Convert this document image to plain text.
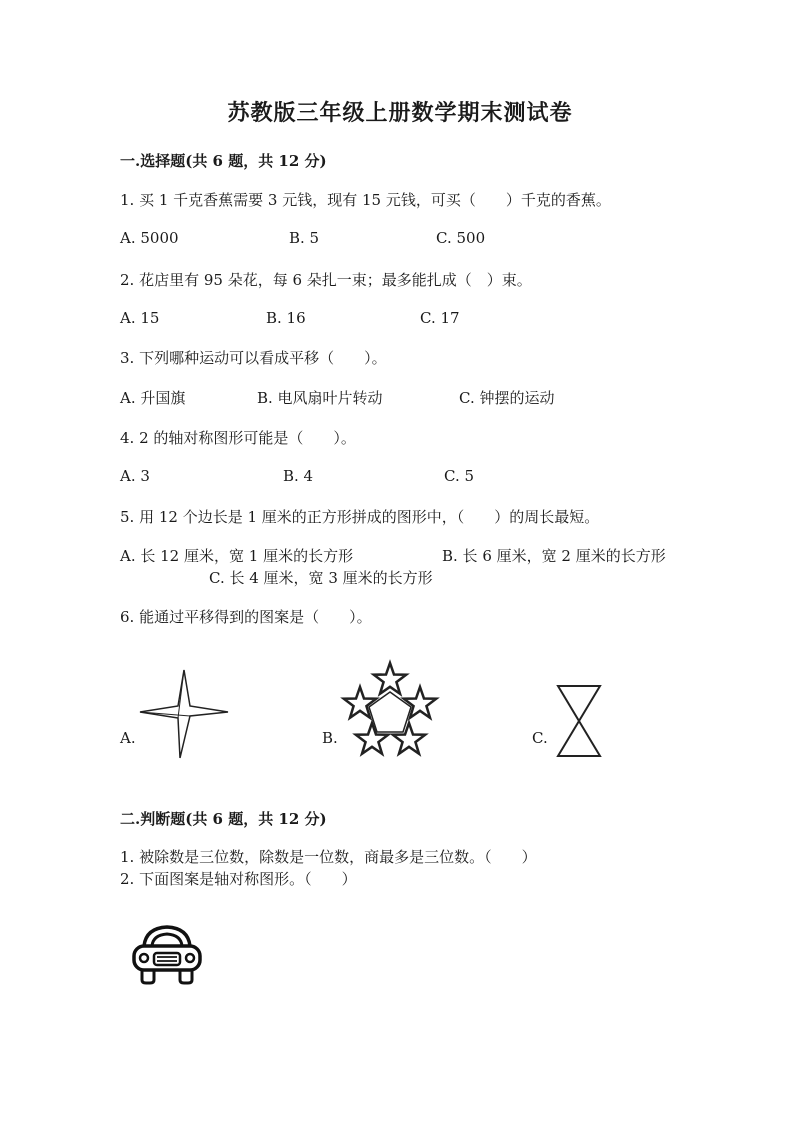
苏教版三年级上册数学期末测试卷
一.选择题(共 6 题，共 12 分)
1. 买 1 千克香蕉需要 3 元钱，现有 15 元钱，可买（　　）千克的香蕉。
A. 5000	B. 5	C. 500
2. 花店里有 95 朵花，每 6 朵扎一束；最多能扎成（　）束。
A. 15	B. 16	C. 17
3. 下列哪种运动可以看成平移（　　）。
A. 升国旗	B. 电风扇叶片转动	C. 钟摆的运动
4. 2 的轴对称图形可能是（　　）。
A. 3	B. 4	C. 5
5. 用 12 个边长是 1 厘米的正方形拼成的图形中，（　　）的周长最短。
A. 长 12 厘米，宽 1 厘米的长方形	B. 长 6 厘米，宽 2 厘米的长方形
C. 长 4 厘米，宽 3 厘米的长方形
6. 能通过平移得到的图案是（　　）。
A.	B.	C.
二.判断题(共 6 题，共 12 分)
1. 被除数是三位数，除数是一位数，商最多是三位数。（　　）
2. 下面图案是轴对称图形。（　　）
